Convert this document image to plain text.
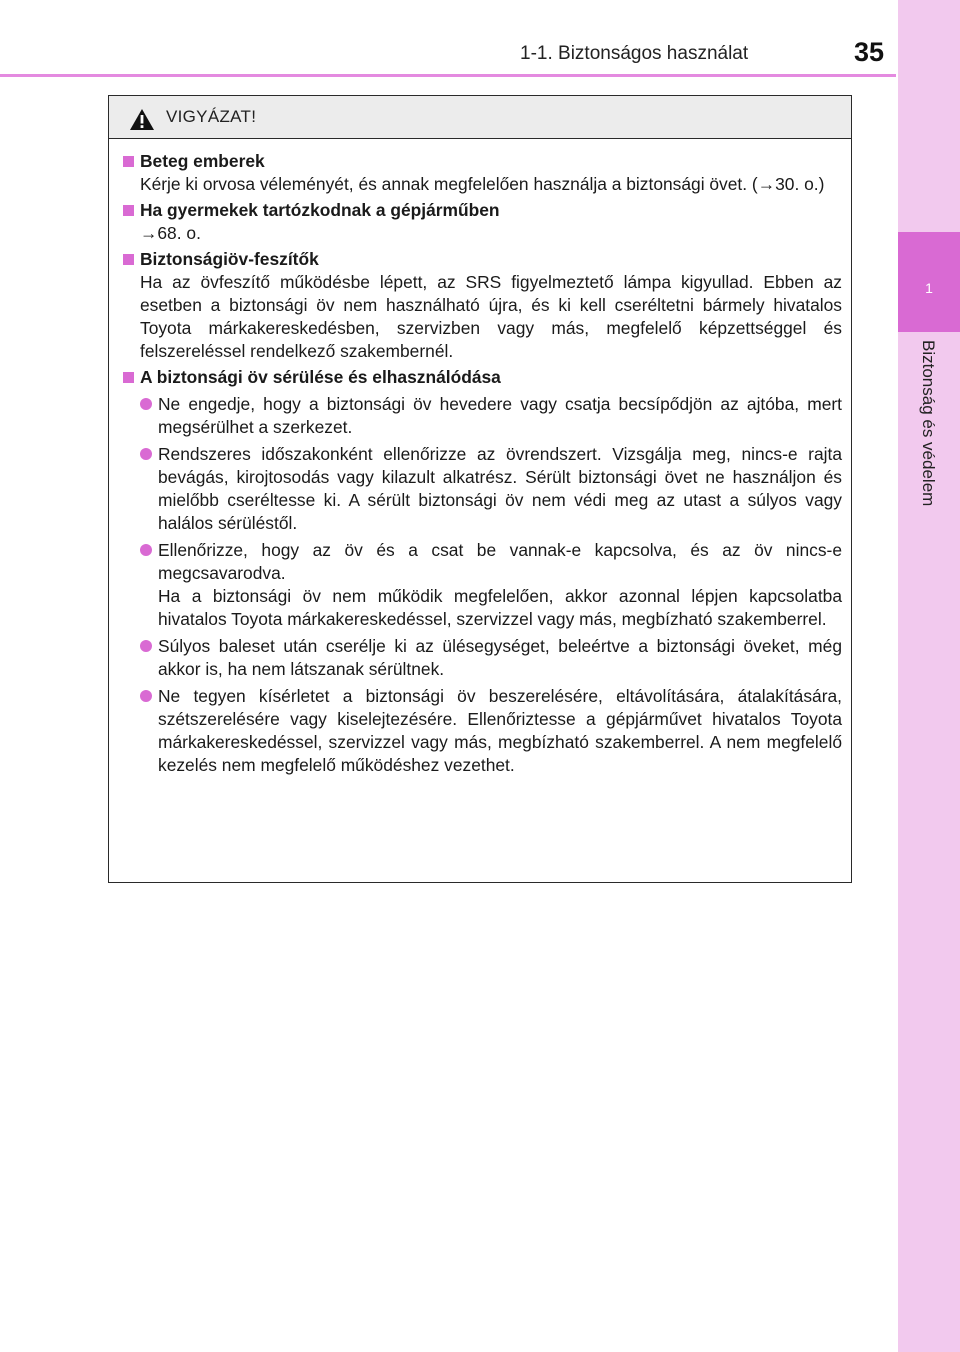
1-1. Biztonságos használat	35
1
Biztonság és védelem
VIGYÁZAT!
Beteg emberek
Kérje ki orvosa véleményét, és annak megfelelően használja a biztonsági övet. (→30. o.)
Ha gyermekek tartózkodnak a gépjárműben
→68. o.
Biztonságiöv-feszítők
Ha az övfeszítő működésbe lépett, az SRS figyelmeztető lámpa kigyullad. Ebben az esetben a biztonsági öv nem használható újra, és ki kell cseréltetni bármely hivatalos Toyota márkakereskedésben, szervizben vagy más, megfelelő képzettséggel és felszereléssel rendelkező szakembernél.
A biztonsági öv sérülése és elhasználódása
Ne engedje, hogy a biztonsági öv hevedere vagy csatja becsípődjön az ajtóba, mert megsérülhet a szerkezet.
Rendszeres időszakonként ellenőrizze az övrendszert. Vizsgálja meg, nincs-e rajta bevágás, kirojtosodás vagy kilazult alkatrész. Sérült biztonsági övet ne használjon és mielőbb cseréltesse ki. A sérült biztonsági öv nem védi meg az utast a súlyos vagy halálos sérüléstől.
Ellenőrizze, hogy az öv és a csat be vannak-e kapcsolva, és az öv nincs-e megcsavarodva.
Ha a biztonsági öv nem működik megfelelően, akkor azonnal lépjen kapcsolatba hivatalos Toyota márkakereskedéssel, szervizzel vagy más, megbízható szakemberrel.
Súlyos baleset után cserélje ki az ülésegységet, beleértve a biztonsági öveket, még akkor is, ha nem látszanak sérültnek.
Ne tegyen kísérletet a biztonsági öv beszerelésére, eltávolítására, átalakítására, szétszerelésére vagy kiselejtezésére. Ellenőriztesse a gépjárművet hivatalos Toyota márkakereskedéssel, szervizzel vagy más, megbízható szakemberrel. A nem megfelelő kezelés nem megfelelő működéshez vezethet.
